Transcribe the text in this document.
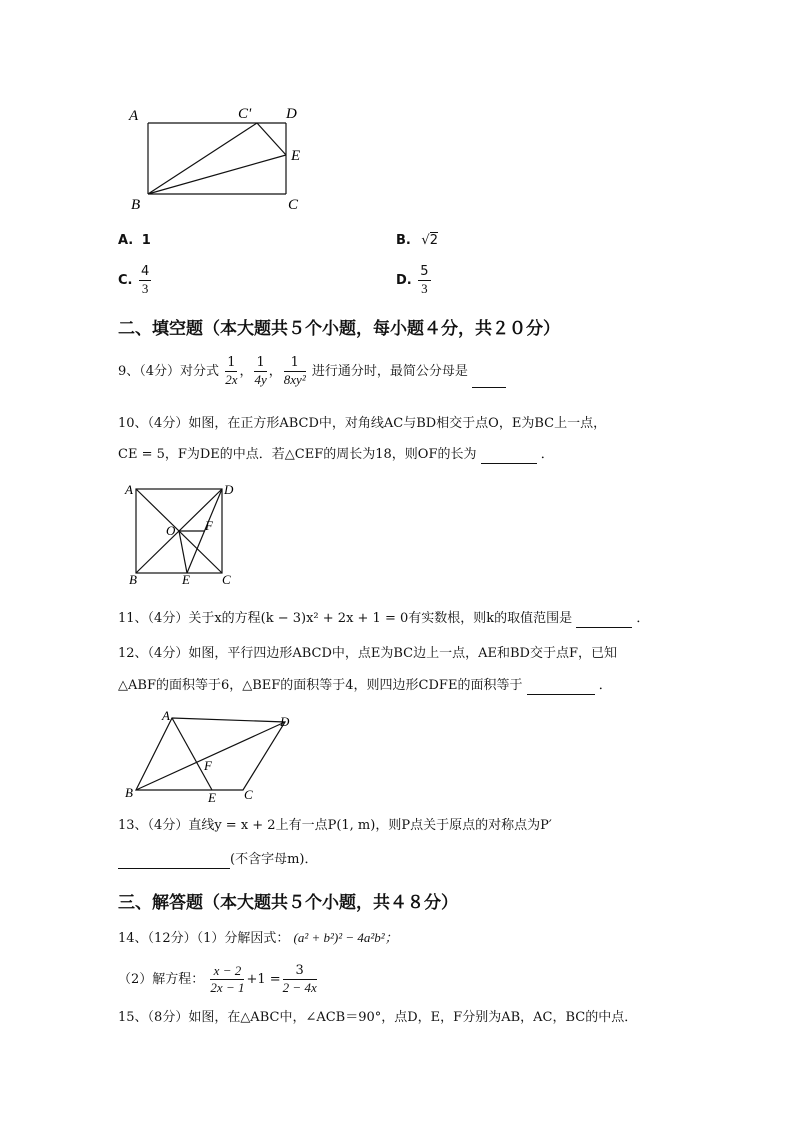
A	C' D
E
B	C
A. 1	B. √2
C. $\frac{4}{3}$	D. $\frac{5}{3}$
二、填空题（本大题共５个小题，每小题４分，共２０分）
9、（4分）对分式 $\frac{1}{2x}$ ， $\frac{1}{4y}$ ， $\frac{1}{\text{8xy²}}$ 进行通分时，最简公分母是
10、（4分）如图，在正方形ABCD中，对角线AC与BD相交于点O，E为BC上一点，
CE = 5，F为DE的中点．若△CEF的周长为18，则OF的长为	．
A	D
O F
B	E C
11、（4分）关于x的方程(k − 3)x² + 2x + 1 = 0有实数根，则k的取值范围是	．
12、（4分）如图，平行四边形ABCD中，点E为BC边上一点，AE和BD交于点F，已知
△ABF的面积等于6，△BEF的面积等于4，则四边形CDFE的面积等于	．
A	D
F
B	E C
13、（4分）直线y = x + 2上有一点P(1, m)，则P点关于原点的对称点为P′
(不含字母m)．
三、解答题（本大题共５个小题，共４８分）
14、（12分）（1）分解因式： (a² + b²)² − 4a²b²；
（2）解方程： $\frac{x - 2}{2x - 1} +1 = \frac{3}{2 - 4x}$
15、（8分）如图，在△ABC中，∠ACB＝90°，点D，E，F分别为AB，AC，BC的中点．
